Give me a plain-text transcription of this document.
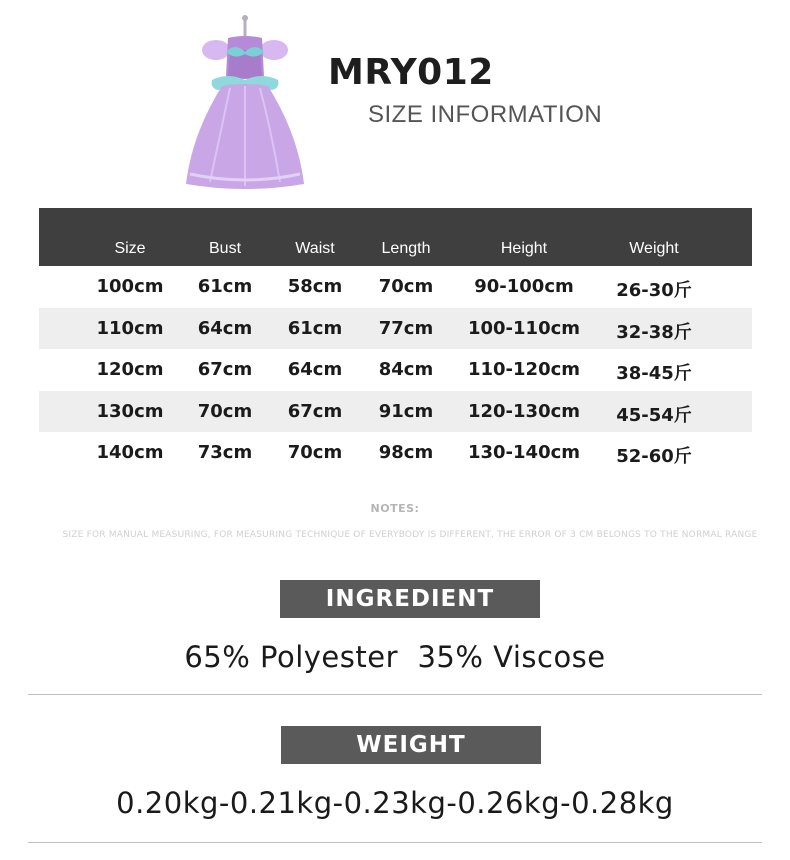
MRY012
SIZE INFORMATION
Size	Bust	Waist	Length	Height	Weight
100cm 61cm 58cm 70cm 90-100cm 26-30斤
110cm 64cm 61cm 77cm 100-110cm 32-38斤
120cm 67cm 64cm 84cm 110-120cm 38-45斤
130cm 70cm 67cm 91cm 120-130cm 45-54斤
140cm 73cm 70cm 98cm 130-140cm 52-60斤
NOTES:
SIZE FOR MANUAL MEASURING, FOR MEASURING TECHNIQUE OF EVERYBODY IS DIFFERENT, THE ERROR OF 3 CM BELONGS TO THE NORMAL RANGE
INGREDIENT
65% Polyester  35% Viscose
WEIGHT
0.20kg-0.21kg-0.23kg-0.26kg-0.28kg
